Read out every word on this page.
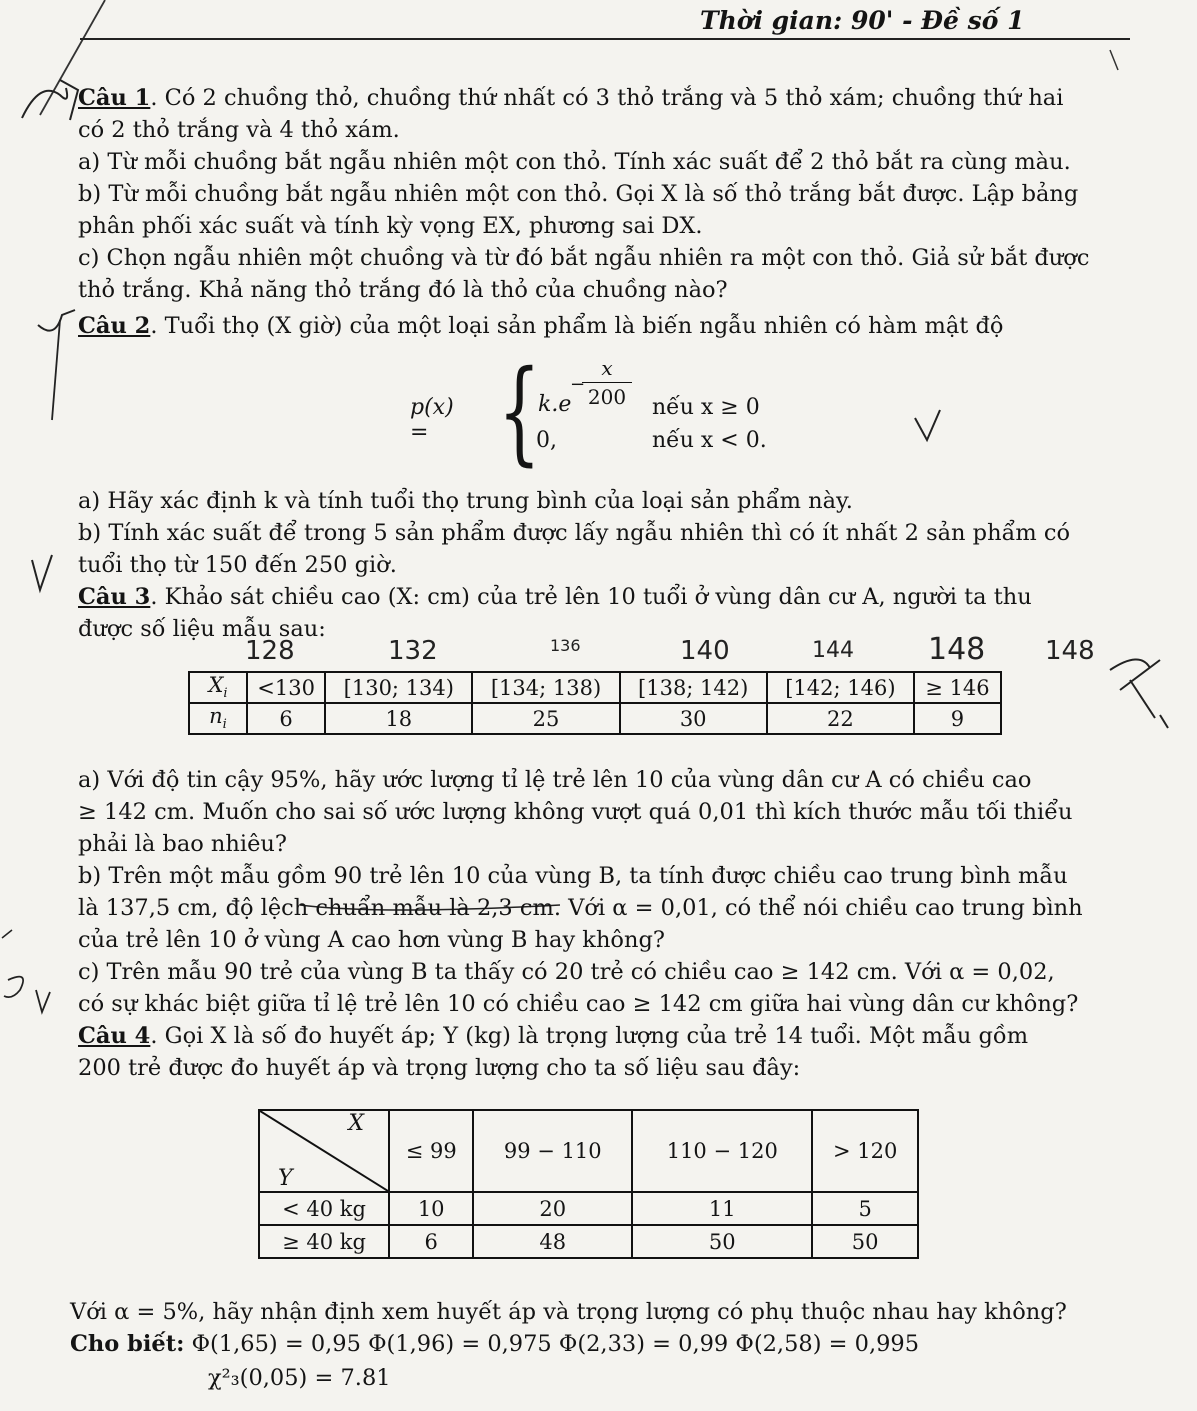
Thời gian: 90' - Đề số 1
Câu 1. Có 2 chuồng thỏ, chuồng thứ nhất có 3 thỏ trắng và 5 thỏ xám; chuồng thứ hai
có 2 thỏ trắng và 4 thỏ xám.
a) Từ mỗi chuồng bắt ngẫu nhiên một con thỏ. Tính xác suất để 2 thỏ bắt ra cùng màu.
b) Từ mỗi chuồng bắt ngẫu nhiên một con thỏ. Gọi X là số thỏ trắng bắt được. Lập bảng
phân phối xác suất và tính kỳ vọng EX, phương sai DX.
c) Chọn ngẫu nhiên một chuồng và từ đó bắt ngẫu nhiên ra một con thỏ. Giả sử bắt được
thỏ trắng. Khả năng thỏ trắng đó là thỏ của chuồng nào?
Câu 2. Tuổi thọ (X giờ) của một loại sản phẩm là biến ngẫu nhiên có hàm mật độ
p(x) = {
k.e
−
x
200 nếu x ≥ 0
0,	nếu x < 0.
a) Hãy xác định k và tính tuổi thọ trung bình của loại sản phẩm này.
b) Tính xác suất để trong 5 sản phẩm được lấy ngẫu nhiên thì có ít nhất 2 sản phẩm có
tuổi thọ từ 150 đến 250 giờ.
Câu 3. Khảo sát chiều cao (X: cm) của trẻ lên 10 tuổi ở vùng dân cư A, người ta thu
được số liệu mẫu sau:
128	132	136	140	144 148 148
$X_i$	<130	[130; 134)	[134; 138)	[138; 142)	[142; 146)	≥ 146
$n_i$	6	18	25	30	22	9
a) Với độ tin cậy 95%, hãy ước lượng tỉ lệ trẻ lên 10 của vùng dân cư A có chiều cao
≥ 142 cm. Muốn cho sai số ước lượng không vượt quá 0,01 thì kích thước mẫu tối thiểu
phải là bao nhiêu?
b) Trên một mẫu gồm 90 trẻ lên 10 của vùng B, ta tính được chiều cao trung bình mẫu
là 137,5 cm, độ lệch chuẩn mẫu là 2,3 cm. Với α = 0,01, có thể nói chiều cao trung bình
của trẻ lên 10 ở vùng A cao hơn vùng B hay không?
c) Trên mẫu 90 trẻ của vùng B ta thấy có 20 trẻ có chiều cao ≥ 142 cm. Với α = 0,02,
có sự khác biệt giữa tỉ lệ trẻ lên 10 có chiều cao ≥ 142 cm giữa hai vùng dân cư không?
Câu 4. Gọi X là số đo huyết áp; Y (kg) là trọng lượng của trẻ 14 tuổi. Một mẫu gồm
200 trẻ được đo huyết áp và trọng lượng cho ta số liệu sau đây:
X
Y	≤ 99	99 − 110	110 − 120	> 120
< 40 kg	10	20	11	5
≥ 40 kg	6	48	50	50
Với α = 5%, hãy nhận định xem huyết áp và trọng lượng có phụ thuộc nhau hay không?
Cho biết: Φ(1,65) = 0,95 Φ(1,96) = 0,975 Φ(2,33) = 0,99 Φ(2,58) = 0,995
χ²₃(0,05) = 7.81
